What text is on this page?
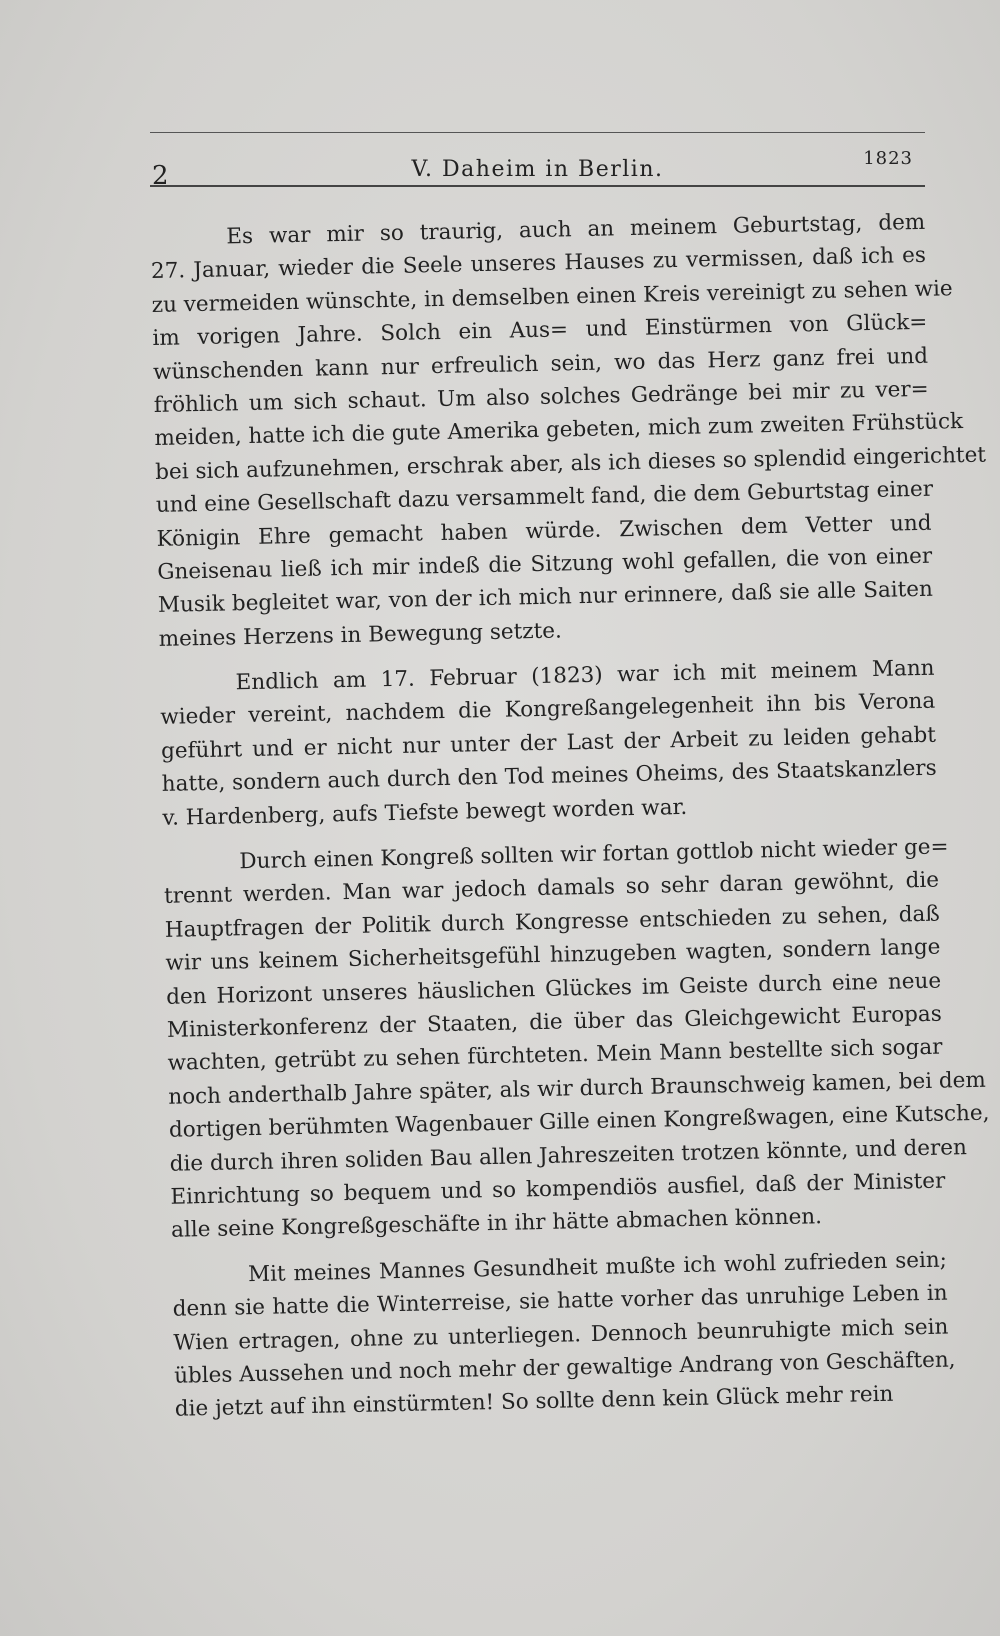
2	V. Daheim in Berlin.	1823
Es war mir so traurig, auch an meinem Geburtstag, dem
27. Januar, wieder die Seele unseres Hauses zu vermissen, daß ich es
zu vermeiden wünschte, in demselben einen Kreis vereinigt zu sehen wie
im vorigen Jahre. Solch ein Aus= und Einstürmen von Glück=
wünschenden kann nur erfreulich sein, wo das Herz ganz frei und
fröhlich um sich schaut. Um also solches Gedränge bei mir zu ver=
meiden, hatte ich die gute Amerika gebeten, mich zum zweiten Frühstück
bei sich aufzunehmen, erschrak aber, als ich dieses so splendid eingerichtet
und eine Gesellschaft dazu versammelt fand, die dem Geburtstag einer
Königin Ehre gemacht haben würde. Zwischen dem Vetter und
Gneisenau ließ ich mir indeß die Sitzung wohl gefallen, die von einer
Musik begleitet war, von der ich mich nur erinnere, daß sie alle Saiten
meines Herzens in Bewegung setzte.
Endlich am 17. Februar (1823) war ich mit meinem Mann
wieder vereint, nachdem die Kongreßangelegenheit ihn bis Verona
geführt und er nicht nur unter der Last der Arbeit zu leiden gehabt
hatte, sondern auch durch den Tod meines Oheims, des Staatskanzlers
v. Hardenberg, aufs Tiefste bewegt worden war.
Durch einen Kongreß sollten wir fortan gottlob nicht wieder ge=
trennt werden. Man war jedoch damals so sehr daran gewöhnt, die
Hauptfragen der Politik durch Kongresse entschieden zu sehen, daß
wir uns keinem Sicherheitsgefühl hinzugeben wagten, sondern lange
den Horizont unseres häuslichen Glückes im Geiste durch eine neue
Ministerkonferenz der Staaten, die über das Gleichgewicht Europas
wachten, getrübt zu sehen fürchteten. Mein Mann bestellte sich sogar
noch anderthalb Jahre später, als wir durch Braunschweig kamen, bei dem
dortigen berühmten Wagenbauer Gille einen Kongreßwagen, eine Kutsche,
die durch ihren soliden Bau allen Jahreszeiten trotzen könnte, und deren
Einrichtung so bequem und so kompendiös ausfiel, daß der Minister
alle seine Kongreßgeschäfte in ihr hätte abmachen können.
Mit meines Mannes Gesundheit mußte ich wohl zufrieden sein;
denn sie hatte die Winterreise, sie hatte vorher das unruhige Leben in
Wien ertragen, ohne zu unterliegen. Dennoch beunruhigte mich sein
übles Aussehen und noch mehr der gewaltige Andrang von Geschäften,
die jetzt auf ihn einstürmten! So sollte denn kein Glück mehr rein
